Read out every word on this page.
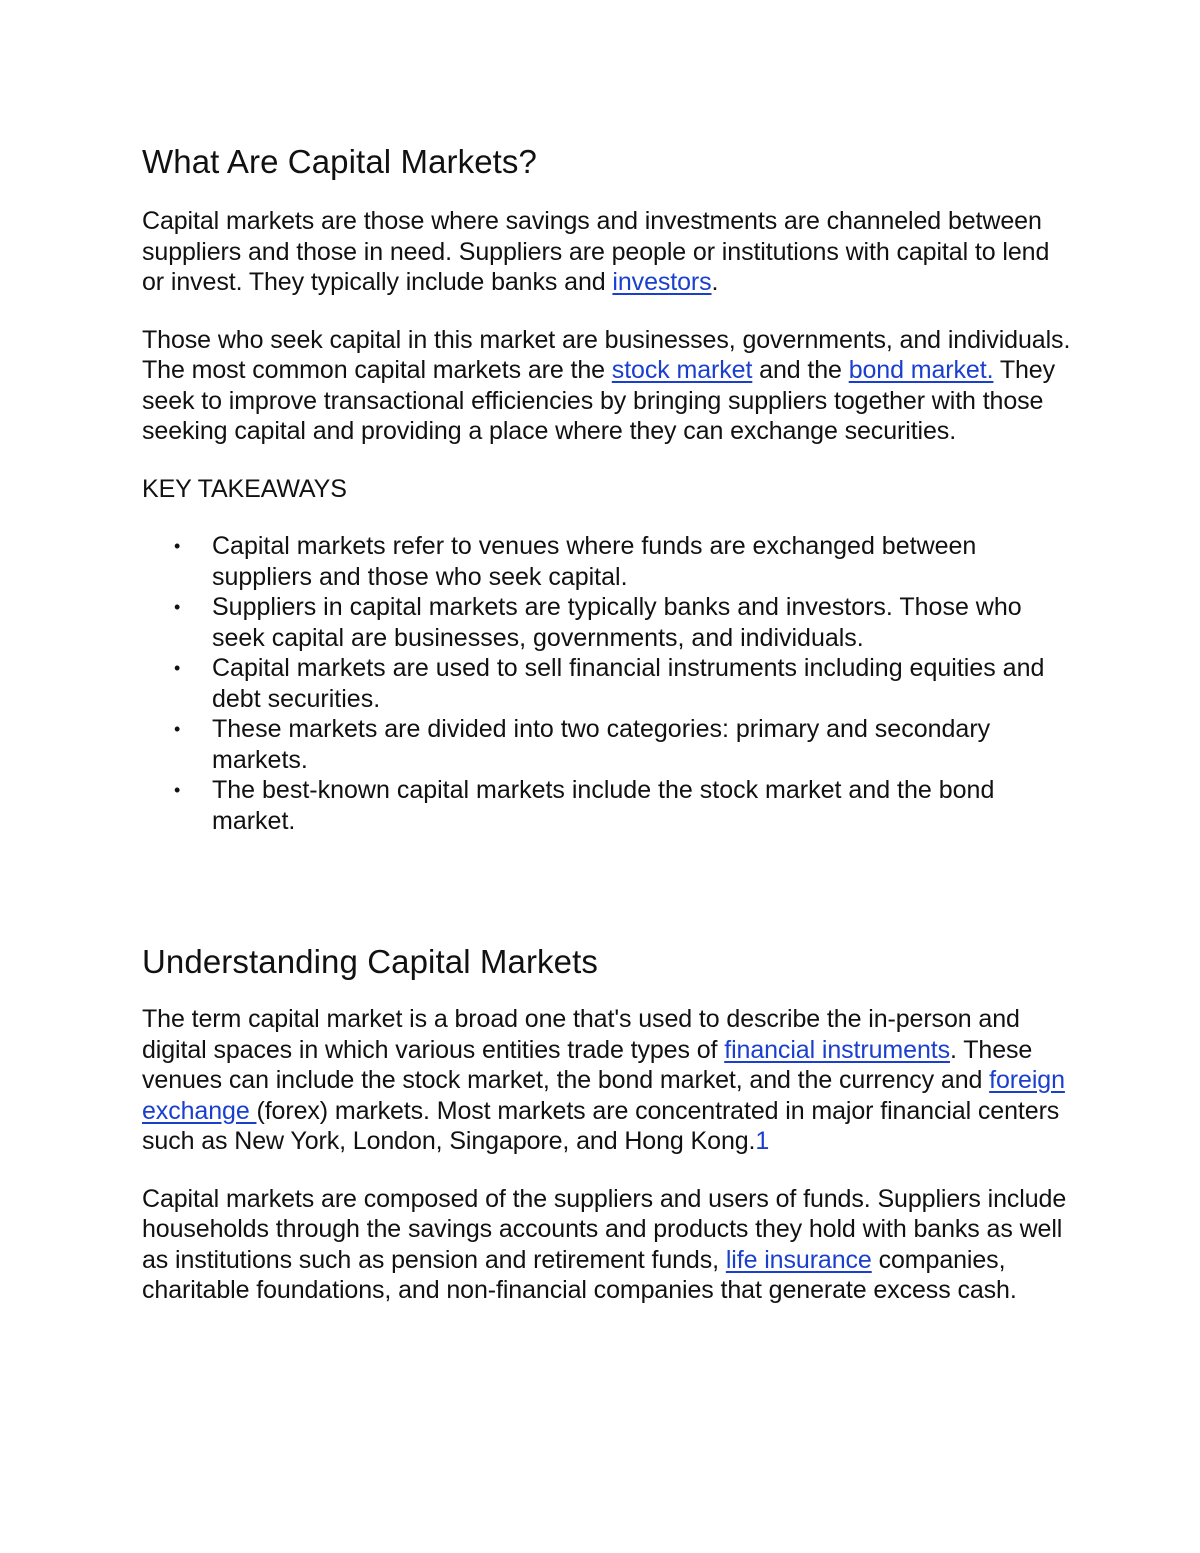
What Are Capital Markets?

Capital markets are those where savings and investments are channeled between suppliers and those in need. Suppliers are people or institutions with capital to lend or invest. They typically include banks and investors.

Those who seek capital in this market are businesses, governments, and individuals. The most common capital markets are the stock market and the bond market. They seek to improve transactional efficiencies by bringing suppliers together with those seeking capital and providing a place where they can exchange securities.

KEY TAKEAWAYS

• Capital markets refer to venues where funds are exchanged between suppliers and those who seek capital.
• Suppliers in capital markets are typically banks and investors. Those who seek capital are businesses, governments, and individuals.
• Capital markets are used to sell financial instruments including equities and debt securities.
• These markets are divided into two categories: primary and secondary markets.
• The best-known capital markets include the stock market and the bond market.
Understanding Capital Markets

The term capital market is a broad one that's used to describe the in-person and digital spaces in which various entities trade types of financial instruments. These venues can include the stock market, the bond market, and the currency and foreign exchange (forex) markets. Most markets are concentrated in major financial centers such as New York, London, Singapore, and Hong Kong.1

Capital markets are composed of the suppliers and users of funds. Suppliers include households through the savings accounts and products they hold with banks as well as institutions such as pension and retirement funds, life insurance companies, charitable foundations, and non-financial companies that generate excess cash.
